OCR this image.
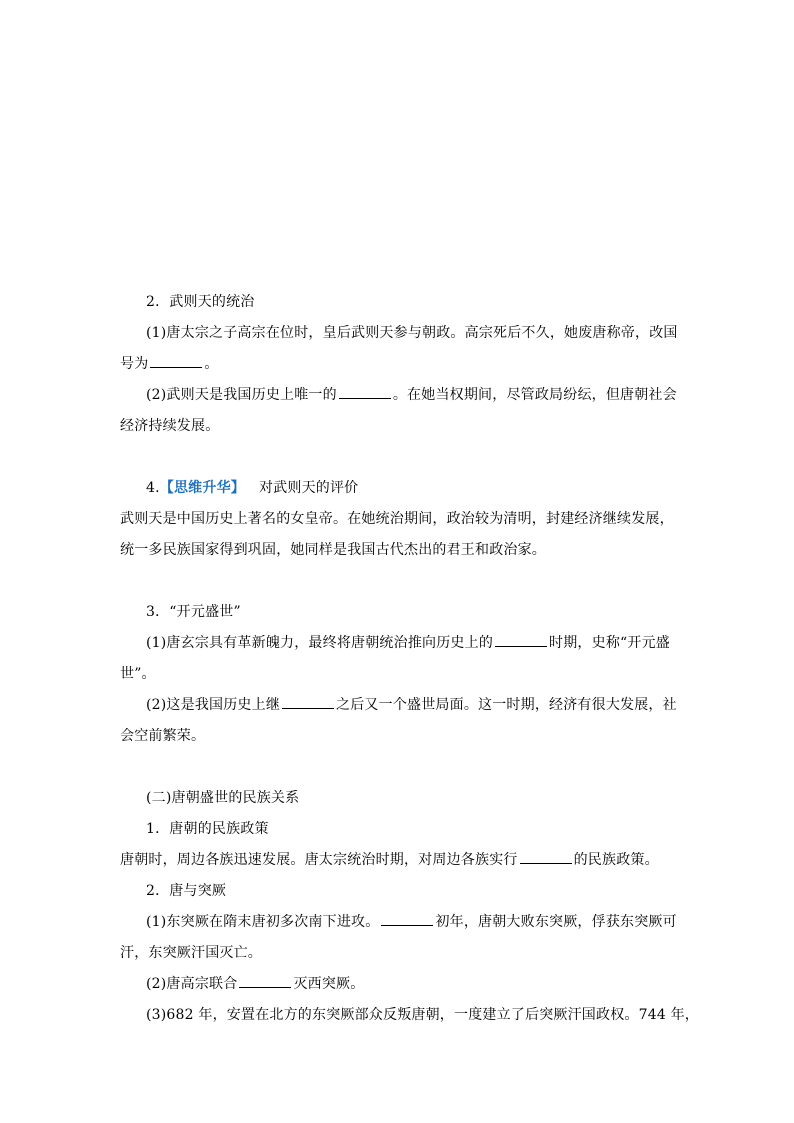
2．武则天的统治
(1)唐太宗之子高宗在位时，皇后武则天参与朝政。高宗死后不久，她废唐称帝，改国
号为	。
(2)武则天是我国历史上唯一的	。在她当权期间，尽管政局纷纭，但唐朝社会
经济持续发展。
4.【思维升华】 对武则天的评价
武则天是中国历史上著名的女皇帝。在她统治期间，政治较为清明，封建经济继续发展，
统一多民族国家得到巩固，她同样是我国古代杰出的君王和政治家。
3．“开元盛世”
(1)唐玄宗具有革新魄力，最终将唐朝统治推向历史上的	时期，史称“开元盛
世”。
(2)这是我国历史上继	之后又一个盛世局面。这一时期，经济有很大发展，社
会空前繁荣。
(二)唐朝盛世的民族关系
1．唐朝的民族政策
唐朝时，周边各族迅速发展。唐太宗统治时期，对周边各族实行	的民族政策。
2．唐与突厥
(1)东突厥在隋末唐初多次南下进攻。	初年，唐朝大败东突厥，俘获东突厥可
汗，东突厥汗国灭亡。
(2)唐高宗联合	灭西突厥。
(3)682 年，安置在北方的东突厥部众反叛唐朝，一度建立了后突厥汗国政权。744 年，
